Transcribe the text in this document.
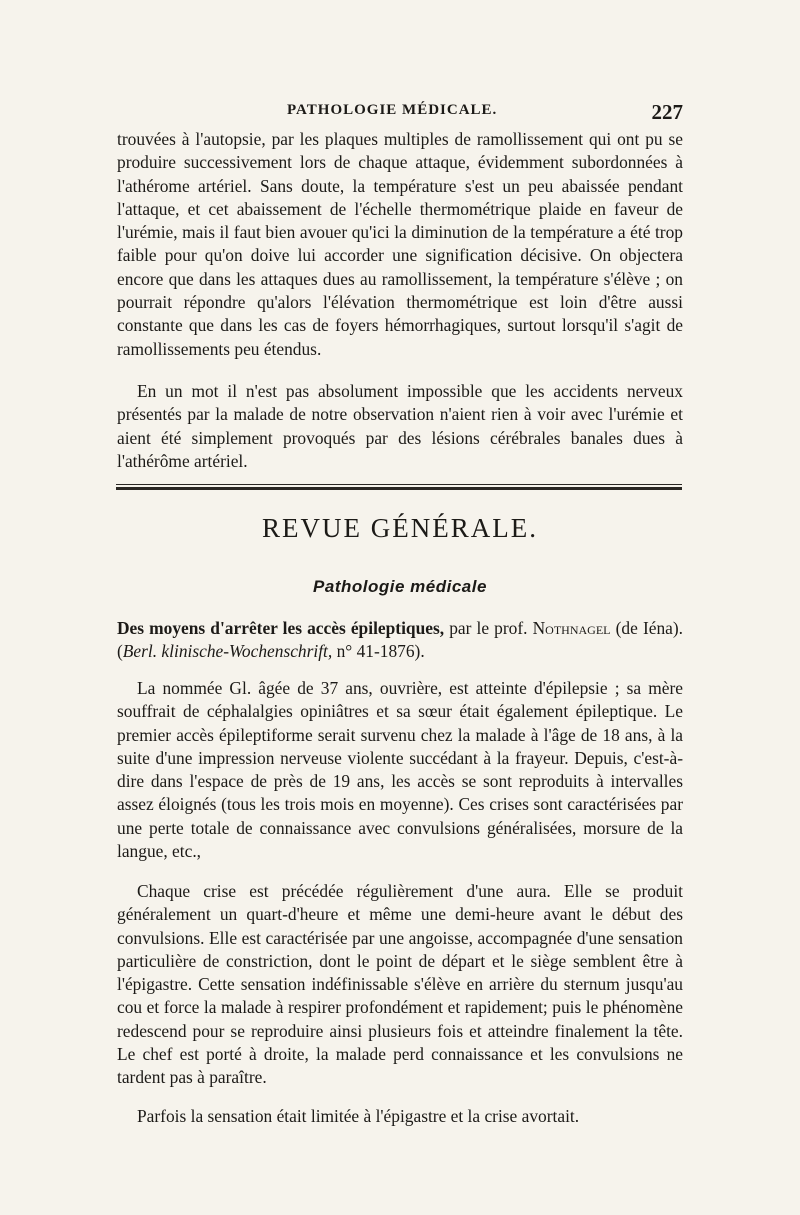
PATHOLOGIE MÉDICALE.	227

trouvées à l'autopsie, par les plaques multiples de ramollissement qui ont pu se produire successivement lors de chaque attaque, évidemment subordonnées à l'athérome artériel. Sans doute, la température s'est un peu abaissée pendant l'attaque, et cet abaissement de l'échelle thermométrique plaide en faveur de l'urémie, mais il faut bien avouer qu'ici la diminution de la température a été trop faible pour qu'on doive lui accorder une signification décisive. On objectera encore que dans les attaques dues au ramollissement, la température s'élève ; on pourrait répondre qu'alors l'élévation thermométrique est loin d'être aussi constante que dans les cas de foyers hémorrhagiques, surtout lorsqu'il s'agit de ramollissements peu étendus.

En un mot il n'est pas absolument impossible que les accidents nerveux présentés par la malade de notre observation n'aient rien à voir avec l'urémie et aient été simplement provoqués par des lésions cérébrales banales dues à l'athérôme artériel.

REVUE GÉNÉRALE.
Pathologie médicale

Des moyens d'arrêter les accès épileptiques, par le prof. Nothnagel (de Iéna). (Berl. klinische-Wochenschrift, n° 41-1876).

La nommée Gl. âgée de 37 ans, ouvrière, est atteinte d'épilepsie ; sa mère souffrait de céphalalgies opiniâtres et sa sœur était également épileptique. Le premier accès épileptiforme serait survenu chez la malade à l'âge de 18 ans, à la suite d'une impression nerveuse violente succédant à la frayeur. Depuis, c'est-à-dire dans l'espace de près de 19 ans, les accès se sont reproduits à intervalles assez éloignés (tous les trois mois en moyenne). Ces crises sont caractérisées par une perte totale de connaissance avec convulsions généralisées, morsure de la langue, etc.,

Chaque crise est précédée régulièrement d'une aura. Elle se produit généralement un quart-d'heure et même une demi-heure avant le début des convulsions. Elle est caractérisée par une angoisse, accompagnée d'une sensation particulière de constriction, dont le point de départ et le siège semblent être à l'épigastre. Cette sensation indéfinissable s'élève en arrière du sternum jusqu'au cou et force la malade à respirer profondément et rapidement; puis le phénomène redescend pour se reproduire ainsi plusieurs fois et atteindre finalement la tête. Le chef est porté à droite, la malade perd connaissance et les convulsions ne tardent pas à paraître.

Parfois la sensation était limitée à l'épigastre et la crise avortait.
